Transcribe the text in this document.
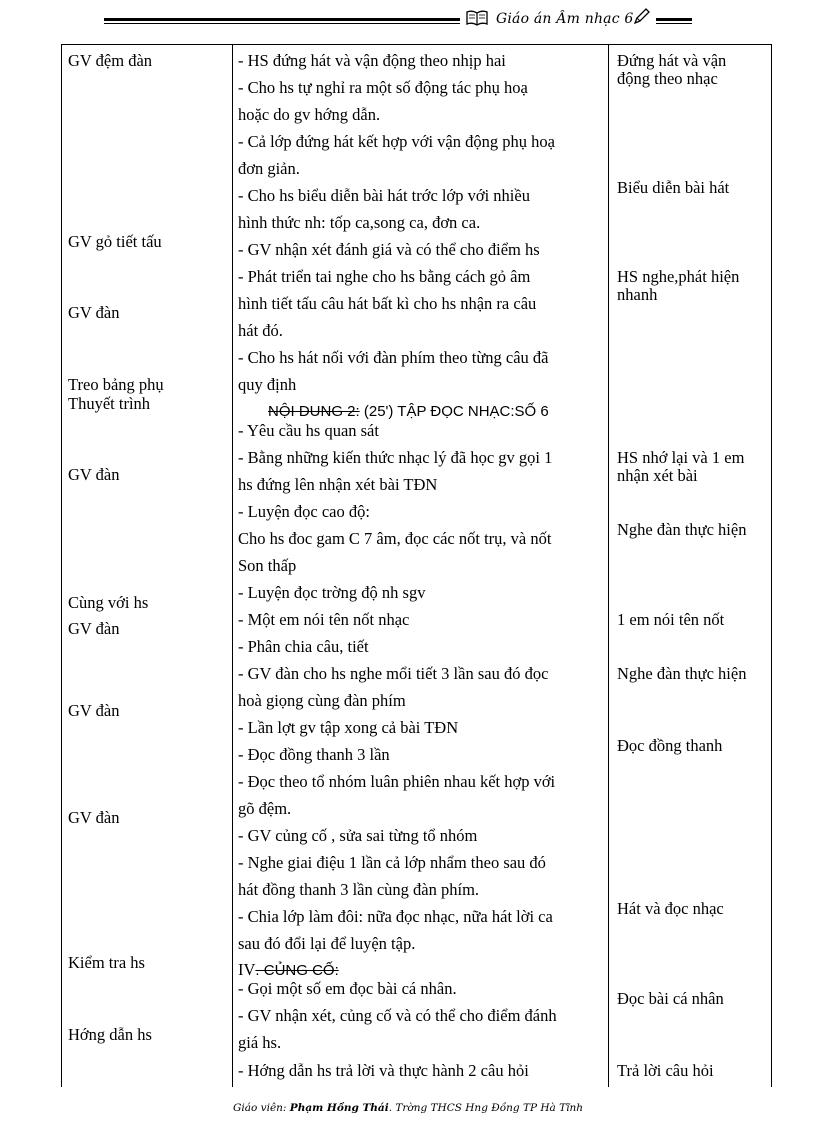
Giáo án Âm nhạc 6
GV đệm đàn
GV gỏ tiết tấu
GV đàn
Treo bảng phụ
Thuyết trình
GV đàn
Cùng với hs
GV đàn
GV đàn
GV đàn
Kiểm tra hs
Hớng dẫn hs
- HS đứng hát và vận động theo nhịp hai
- Cho hs tự nghỉ ra một số động tác phụ hoạ
hoặc do gv hớng dẫn.
- Cả lớp đứng hát kết hợp với vận động phụ hoạ
đơn giản.
- Cho hs biểu diễn bài hát trớc lớp với nhiều
hình thức nh: tốp ca,song ca, đơn ca.
- GV nhận xét đánh giá và có thể cho điểm hs
- Phát triển tai nghe cho hs bằng cách gỏ âm
hình tiết tấu câu hát bất kì cho hs nhận ra câu
hát đó.
- Cho hs hát nối với đàn phím theo từng câu đã
quy định
NỘI DUNG 2: (25') TẬP ĐỌC NHẠC:SỐ 6
- Yêu cầu hs quan sát
- Bằng những kiến thức nhạc lý đã học gv gọi 1
hs đứng lên nhận xét bài TĐN
- Luyện đọc cao độ:
Cho hs đoc gam C 7 âm, đọc các nốt trụ, và nốt
Son thấp
- Luyện đọc trờng độ nh sgv
- Một em nói tên nốt nhạc
- Phân chia câu, tiết
- GV đàn cho hs nghe mổi tiết 3 lần sau đó đọc
hoà giọng cùng đàn phím
- Lần lợt gv tập xong cả bài TĐN
- Đọc đồng thanh 3 lần
- Đọc theo tổ nhóm luân phiên nhau kết hợp với
gõ đệm.
- GV củng cố , sửa sai từng tổ nhóm
- Nghe giai điệu 1 lần cả lớp nhẩm theo sau đó
hát đồng thanh 3 lần cùng đàn phím.
- Chia lớp làm đôi: nữa đọc nhạc, nữa hát lời ca
sau đó đổi lại để luyện tập.
IV. CỦNG CỐ:
- Gọi một số em đọc bài cá nhân.
- GV nhận xét, củng cố và có thể cho điểm đánh
giá hs.
- Hớng dẫn hs trả lời và thực hành 2 câu hỏi
Đứng hát và vận
động theo nhạc
Biểu diễn bài hát
HS nghe,phát hiện
nhanh
HS nhớ lại và 1 em
nhận xét bài
Nghe đàn thực hiện
1 em nói tên nốt
Nghe đàn thực hiện
Đọc đồng thanh
Hát và đọc nhạc
Đọc bài cá nhân
Trả lời câu hỏi
Giáo viên: Phạm Hồng Thái. Trờng THCS Hng Đồng TP Hà Tĩnh
